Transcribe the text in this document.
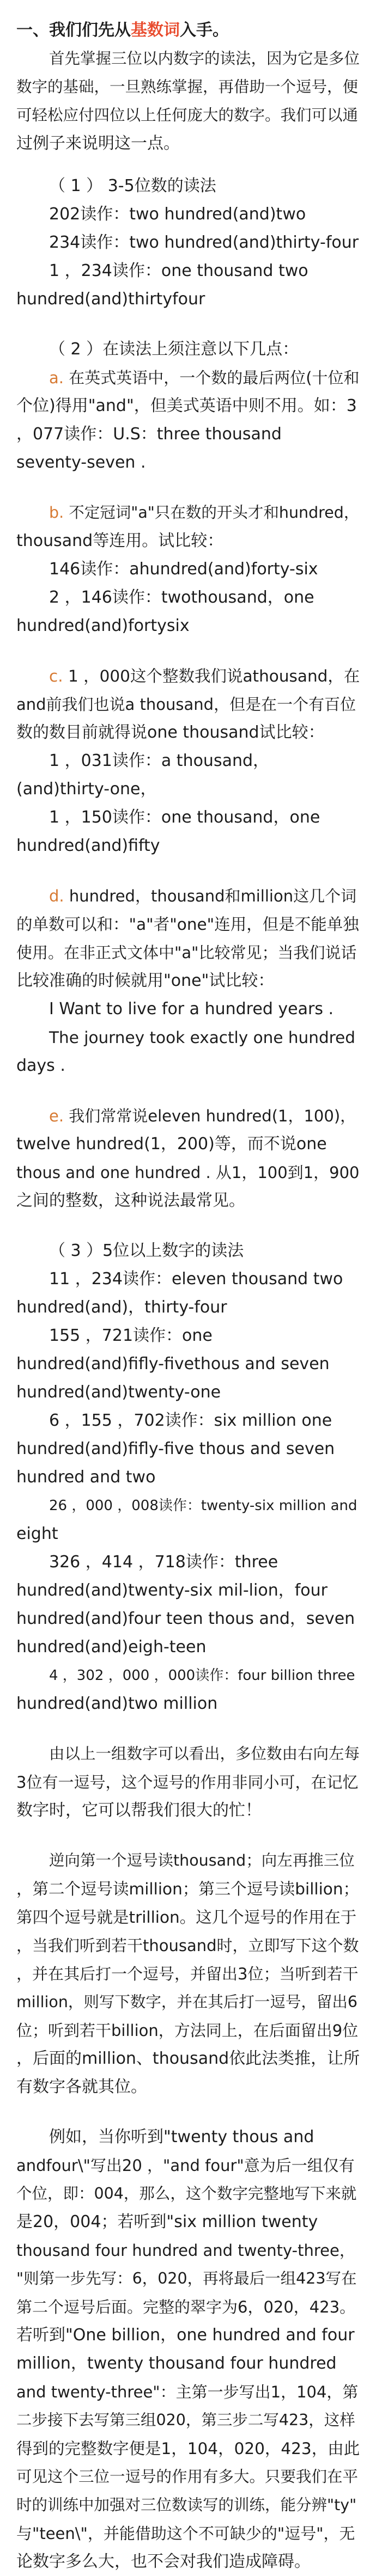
一、我们们先从基数词入手。
首先掌握三位以内数字的读法，因为它是多位
数字的基础，一旦熟练掌握，再借助一个逗号，便
可轻松应付四位以上任何庞大的数字。我们可以通
过例子来说明这一点。
（ 1 ） 3-5位数的读法
202读作：two hundred(and)two
234读作：two hundred(and)thirty-four
1 ，234读作：one thousand two
hundred(and)thirtyfour
（ 2 ）在读法上须注意以下几点：
a. 在英式英语中，一个数的最后两位(十位和
个位)得用"and"，但美式英语中则不用。如：3
，077读作：U.S：three thousand
seventy-seven .
b. 不定冠词"a"只在数的开头才和hundred，
thousand等连用。试比较：
146读作：ahundred(and)forty-six
2 ，146读作：twothousand，one
hundred(and)fortysix
c. 1 ，000这个整数我们说athousand，在
and前我们也说a thousand，但是在一个有百位
数的数目前就得说one thousand试比较：
1 ，031读作：a thousand，
(and)thirty-one，
1 ，150读作：one thousand，one
hundred(and)fifty
d. hundred，thousand和million这几个词
的单数可以和："a"者"one"连用，但是不能单独
使用。在非正式文体中"a"比较常见；当我们说话
比较准确的时候就用"one"试比较：
I Want to live for a hundred years .
The journey took exactly one hundred
days .
e. 我们常常说eleven hundred(1，100)，
twelve hundred(1，200)等，而不说one
thous and one hundred . 从1，100到1，900
之间的整数，这种说法最常见。
（ 3 ）5位以上数字的读法
11 ，234读作：eleven thousand two
hundred(and)，thirty-four
155 ，721读作：one
hundred(and)fifly-fivethous and seven
hundred(and)twenty-one
6 ，155 ，702读作：six million one
hundred(and)fifly-five thous and seven
hundred and two
26 ，000 ，008读作：twenty-six million and
eight
326 ，414 ，718读作：three
hundred(and)twenty-six mil-lion，four
hundred(and)four teen thous and，seven
hundred(and)eigh-teen
4 ，302 ，000 ，000读作：four billion three
hundred(and)two million
由以上一组数字可以看出，多位数由右向左每
3位有一逗号，这个逗号的作用非同小可，在记忆
数字时，它可以帮我们很大的忙！
逆向第一个逗号读thousand；向左再推三位
，第二个逗号读million；第三个逗号读billion；
第四个逗号就是trillion。这几个逗号的作用在于
，当我们听到若干thousand时，立即写下这个数
，并在其后打一个逗号，并留出3位；当听到若干
million，则写下数字，并在其后打一逗号，留出6
位；听到若干billion，方法同上，在后面留出9位
，后面的million、thousand依此法类推，让所
有数字各就其位。
例如，当你听到"twenty thous and
andfour\"写出20 ，"and four"意为后一组仅有
个位，即：004，那么，这个数字完整地写下来就
是20，004；若听到"six million twenty
thousand four hundred and twenty-three，
"则第一步先写：6，020，再将最后一组423写在
第二个逗号后面。完整的翠字为6，020，423。
若听到"One billion，one hundred and four
million，twenty thousand four hundred
and twenty-three"：主第一步写出1，104，第
二步接下去写第三组020，第三步二写423，这样
得到的完整数字便是1，104，020，423，由此
可见这个三位一逗号的作用有多大。只要我们在平
时的训练中加强对三位数读写的训练，能分辨"ty"
与"teen\"，并能借助这个不可缺少的"逗号"，无
论数字多么大，也不会对我们造成障碍。
